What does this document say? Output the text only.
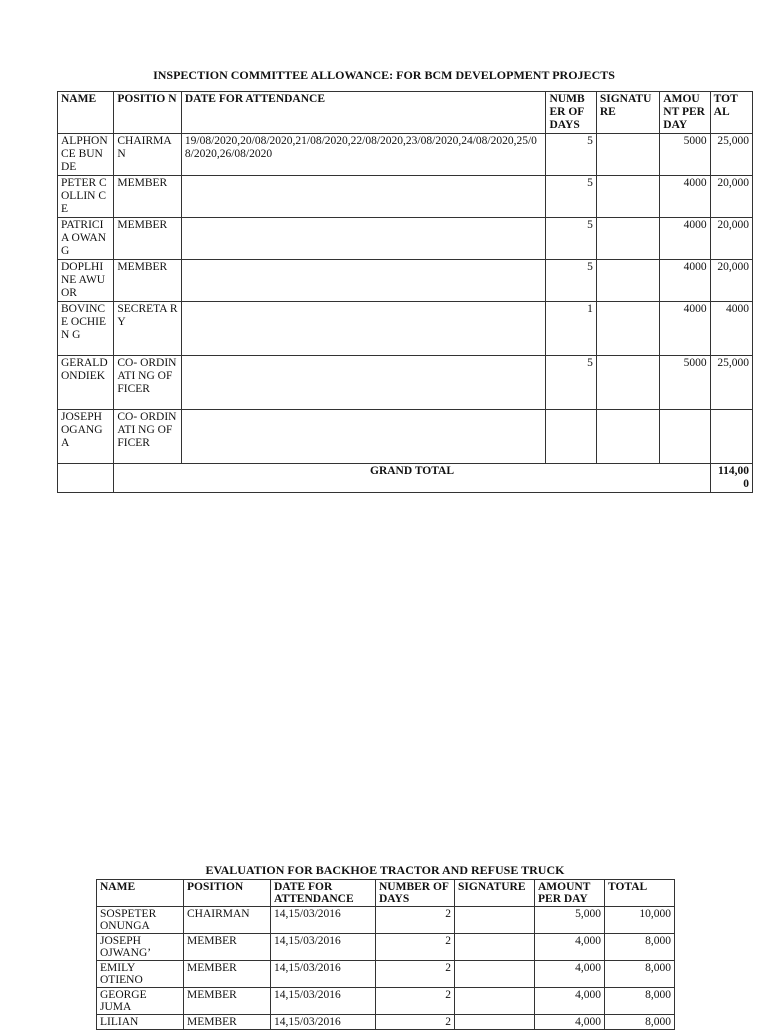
INSPECTION COMMITTEE ALLOWANCE: FOR BCM DEVELOPMENT PROJECTS
NAME	POSITIO N	DATE FOR ATTENDANCE	NUMB ER OF DAYS	SIGNATU RE	AMOU NT PER DAY	TOT AL
ALPHON CE BUNDE	CHAIRMA N	19/08/2020,20/08/2020,21/08/2020,22/08/2020,23/08/2020,24/08/2020,25/08/2020,26/08/2020	5		5000	25,000
PETER COLLIN CE	MEMBER		5		4000	20,000
PATRICI A OWANG	MEMBER		5		4000	20,000
DOPLHI NE AWUOR	MEMBER		5		4000	20,000
BOVINC E OCHIEN G	SECRETA RY		1		4000	4000
GERALD ONDIEK	CO- ORDINATI NG OFFICER		5		5000	25,000
JOSEPH OGANG A	CO- ORDINATI NG OFFICER					
	GRAND TOTAL					114,000
EVALUATION FOR BACKHOE TRACTOR AND REFUSE TRUCK
NAME	POSITION	DATE FOR ATTENDANCE	NUMBER OF DAYS	SIGNATURE	AMOUNT PER DAY	TOTAL
SOSPETER ONUNGA	CHAIRMAN	14,15/03/2016	2		5,000	10,000
JOSEPH OJWANG’	MEMBER	14,15/03/2016	2		4,000	8,000
EMILY OTIENO	MEMBER	14,15/03/2016	2		4,000	8,000
GEORGE JUMA	MEMBER	14,15/03/2016	2		4,000	8,000
LILIAN	MEMBER	14,15/03/2016	2		4,000	8,000
